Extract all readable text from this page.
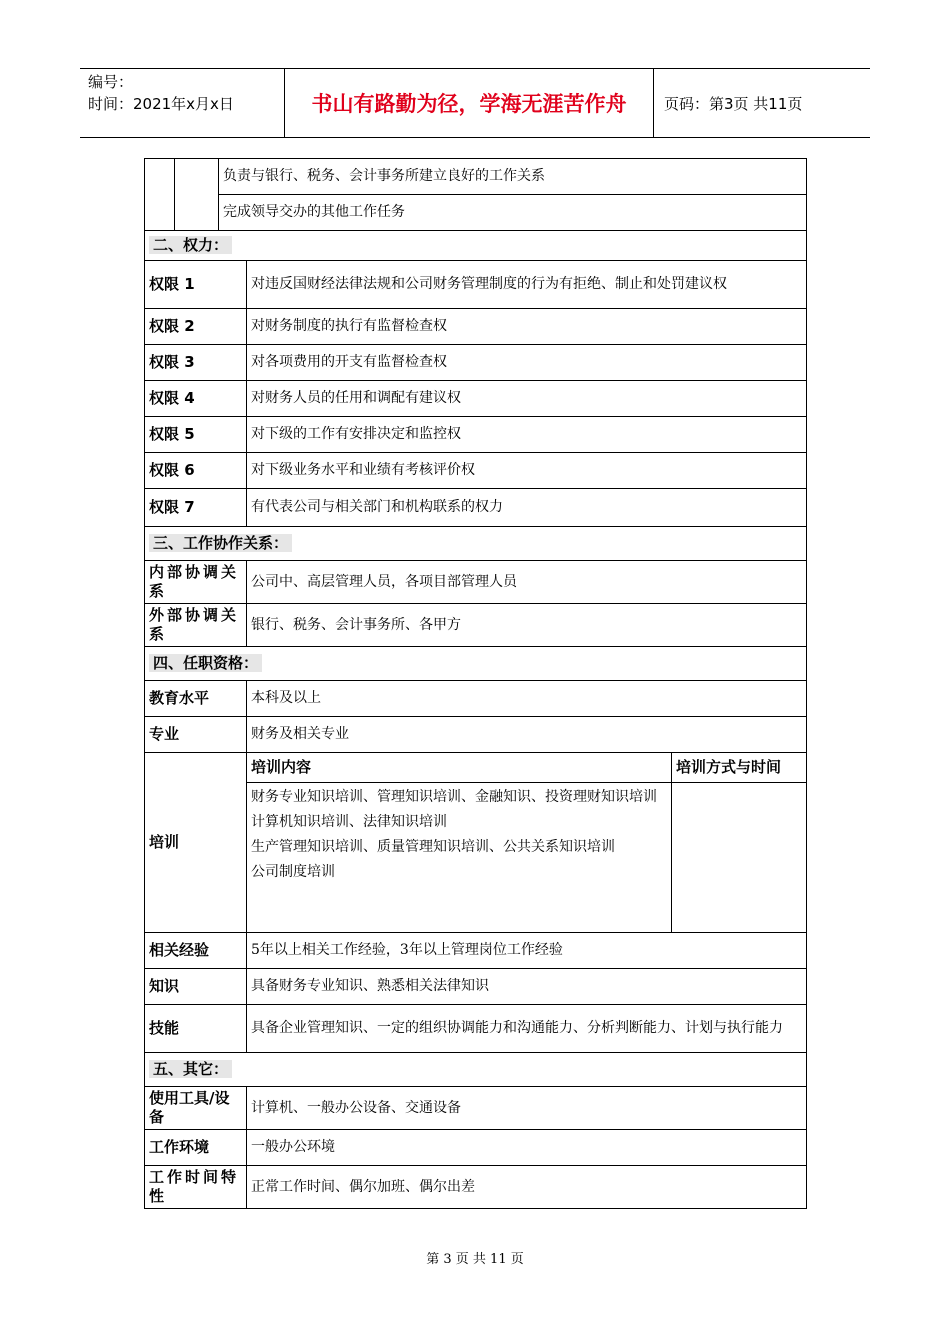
编号：
时间：2021年x月x日	书山有路勤为径，学海无涯苦作舟	页码：第3页 共11页
		负责与银行、税务、会计事务所建立良好的工作关系		
		完成领导交办的其他工作任务		
二、权力：				
权限 1			对违反国财经法律法规和公司财务管理制度的行为有拒绝、制止和处罚建议权	
权限 2			对财务制度的执行有监督检查权	
权限 3			对各项费用的开支有监督检查权	
权限 4			对财务人员的任用和调配有建议权	
权限 5			对下级的工作有安排决定和监控权	
权限 6			对下级业务水平和业绩有考核评价权	
权限 7			有代表公司与相关部门和机构联系的权力	
三、工作协作关系：				
内部协调关系			公司中、高层管理人员，各项目部管理人员	
外部协调关系			银行、税务、会计事务所、各甲方	
四、任职资格：				
教育水平			本科及以上	
专业			财务及相关专业	
培训			培训内容	培训方式与时间

			财务专业知识培训、管理知识培训、金融知识、投资理财知识培训
计算机知识培训、法律知识培训
生产管理知识培训、质量管理知识培训、公共关系知识培训
公司制度培训	

相关经验			5年以上相关工作经验，3年以上管理岗位工作经验	
知识			具备财务专业知识、熟悉相关法律知识	
技能			具备企业管理知识、一定的组织协调能力和沟通能力、分析判断能力、计划与执行能力	
五、其它：				
使用工具/设备			计算机、一般办公设备、交通设备	
工作环境			一般办公环境	
工作时间特性			正常工作时间、偶尔加班、偶尔出差	
第 3 页 共 11 页
